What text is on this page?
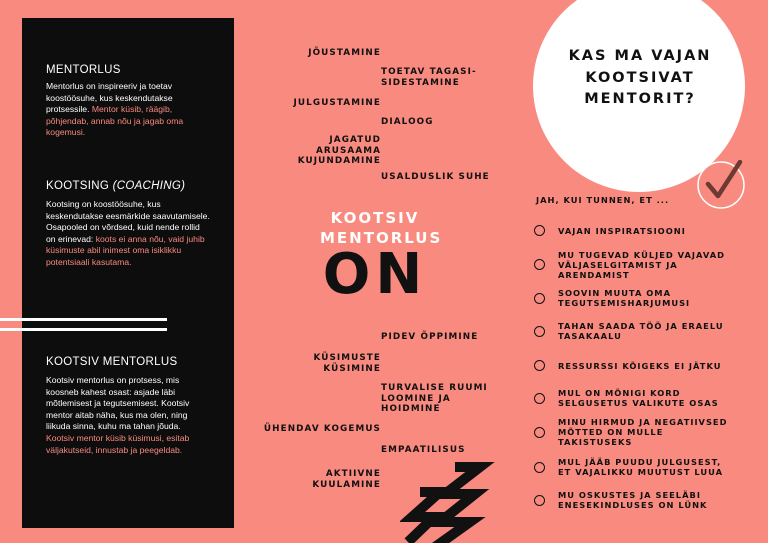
MENTORLUS
Mentorlus on inspireeriv ja toetav koostöösuhe, kus keskendutakse protsessile. Mentor küsib, räägib, põhjendab, annab nõu ja jagab oma kogemusi.
KOOTSING (COACHING)
Kootsing on koostöösuhe, kus keskendutakse eesmärkide saavutamisele. Osapooled on võrdsed, kuid nende rollid on erinevad: koots ei anna nõu, vaid juhib küsimuste abil inimest oma isiklikku potentsiaali kasutama.
KOOTSIV MENTORLUS
Kootsiv mentorlus on protsess, mis koosneb kahest osast: asjade läbi mõtlemisest ja tegutsemisest. Kootsiv mentor aitab näha, kus ma olen, ning liikuda sinna, kuhu ma tahan jõuda. Kootsiv mentor küsib küsimusi, esitab väljakutseid, innustab ja peegeldab.
JÕUSTAMINE
TOETAV TAGASI-
SIDESTAMINE
JULGUSTAMINE
DIALOOG
JAGATUD
ARUSAAMA
KUJUNDAMINE
USALDUSLIK SUHE
KOOTSIV
MENTORLUS
ON
PIDEV ÕPPIMINE
KÜSIMUSTE
KÜSIMINE
TURVALISE RUUMI
LOOMINE JA
HOIDMINE
ÜHENDAV KOGEMUS
EMPAATILISUS
AKTIIVNE
KUULAMINE
KAS MA VAJAN KOOTSIVAT MENTORIT?
JAH, KUI TUNNEN, ET ...
VAJAN INSPIRATSIOONI
MU TUGEVAD KÜLJED VAJAVAD VÄLJASELGITAMIST JA ARENDAMIST
SOOVIN MUUTA OMA TEGUTSEMISHARJUMUSI
TAHAN SAADA TÖÖ JA ERAELU TASAKAALU
RESSURSSI KÕIGEKS EI JÄTKU
MUL ON MÕNIGI KORD SELGUSETUS VALIKUTE OSAS
MINU HIRMUD JA NEGATIIVSED MÕTTED ON MULLE TAKISTUSEKS
MUL JÄÄB PUUDU JULGUSEST, ET VAJALIKKU MUUTUST LUUA
MU OSKUSTES JA SEELÄBI ENESEKINDLUSES ON LÜNK
